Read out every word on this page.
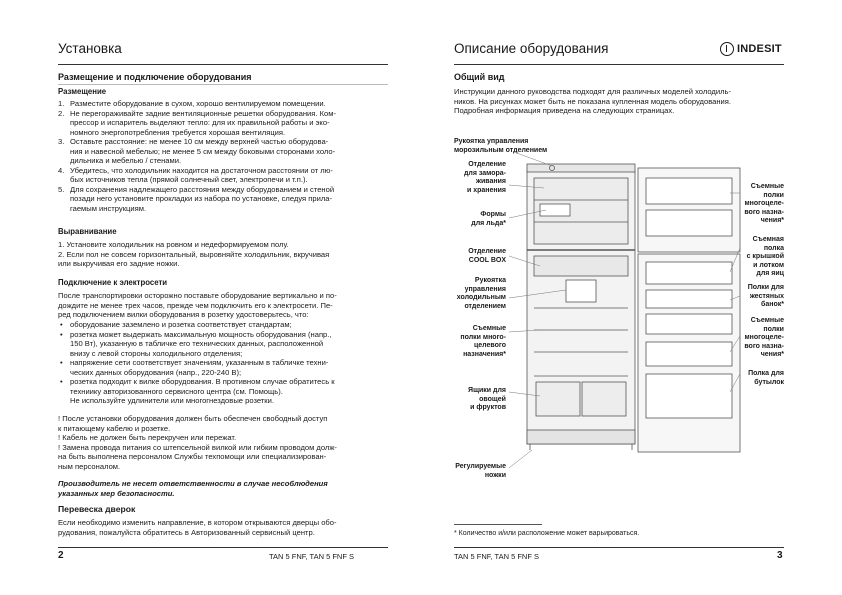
Установка
Размещение и подключение оборудования
Размещение
1. Разместите оборудование в сухом, хорошо вентилируемом помещении.
2. Не перегораживайте задние вентиляционные решетки оборудования. Ком-
прессор и испаритель выделяют тепло: для их правильной работы и эко-
номного энергопотребления требуется хорошая вентиляция.
3. Оставьте расстояние: не менее 10 см между верхней частью оборудова-
ния и навесной мебелью; не менее 5 см между боковыми сторонами холо-
дильника и мебелью / стенами.
4. Убедитесь, что холодильник находится на достаточном расстоянии от лю-
бых источников тепла (прямой солнечный свет, электропечи и т.п.).
5. Для сохранения надлежащего расстояния между оборудованием и стеной
позади него установите прокладки из набора по установке, следуя прила-
гаемым инструкциям.
Выравнивание
1. Установите холодильник на ровном и недеформируемом полу.
2. Если пол не совсем горизонтальный, выровняйте холодильник, вкручивая
или выкручивая его задние ножки.
Подключение к электросети
После транспортировки осторожно поставьте оборудование вертикально и по-
дождите не менее трех часов, прежде чем подключить его к электросети. Пе-
ред подключением вилки оборудования в розетку удостоверьтесь, что:
• оборудование заземлено и розетка соответствует стандартам;
• розетка может выдержать максимальную мощность оборудования (напр.,
150 Вт), указанную в табличке его технических данных, расположенной
внизу с левой стороны холодильного отделения;
• напряжение сети соответствует значениям, указанным в табличке техни-
ческих данных оборудования (напр., 220-240 В);
• розетка подходит к вилке оборудования. В противном случае обратитесь к
техниику авторизованного сервисного центра (см. Помощь).
Не используйте удлинители или многогнездовые розетки.
! После установки оборудования должен быть обеспечен свободный доступ
к питающему кабелю и розетке.
! Кабель не должен быть перекручен или пережат.
! Замена провода питания со штепсельной вилкой или гибким проводом долж-
на быть выполнена персоналом Службы техпомощи или специализирован-
ным персоналом.
Производитель не несет ответственности в случае несоблюдения
указанных мер безопасности.
Перевеска дверок
Если необходимо изменить направление, в котором открываются дверцы обо-
рудования, пожалуйста обратитесь в Авторизованный сервисный центр.
2	TAN 5 FNF, TAN 5 FNF S
Описание оборудования	INDESIT
Общий вид
Инструкции данного руководства подходят для различных моделей холодиль-
ников. На рисунках может быть не показана купленная модель оборудования.
Подробная информация приведена на следующих страницах.
Рукоятка управления
морозильным отделением
Отделение
для замора-
живания
и хранения
Формы
для льда*
Отделение
COOL BOX
Рукоятка
управления
холодильным
отделением
Съемные
полки много-
целевого
назначения*
Ящики для
овощей
и фруктов
Регулируемые
ножки
Съемные
полки
многоцеле-
вого назна-
чения*
Съемная
полка
с крышкой
и лотком
для яиц
Полки для
жестяных
банок*
Съемные
полки
многоцеле-
вого назна-
чения*
Полка для
бутылок
* Количество и/или расположение может варьироваться.
TAN 5 FNF, TAN 5 FNF S	3
